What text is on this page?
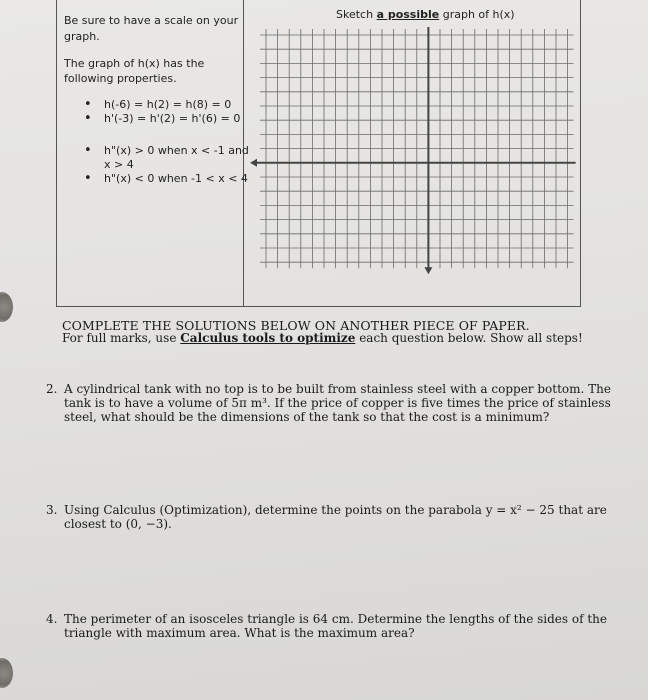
Be sure to have a scale on your graph.
The graph of h(x) has the following properties.
• h(-6) = h(2) = h(8) = 0
• h'(-3) = h'(2) = h'(6) = 0
• h"(x) > 0 when x < -1 and x > 4
• h"(x) < 0 when -1 < x < 4
Sketch a possible graph of h(x)
COMPLETE THE SOLUTIONS BELOW ON ANOTHER PIECE OF PAPER.
For full marks, use Calculus tools to optimize each question below. Show all steps!
2. A cylindrical tank with no top is to be built from stainless steel with a copper bottom. The tank is to have a volume of 5π m³. If the price of copper is five times the price of stainless steel, what should be the dimensions of the tank so that the cost is a minimum?
3. Using Calculus (Optimization), determine the points on the parabola y = x² − 25 that are closest to (0, −3).
4. The perimeter of an isosceles triangle is 64 cm. Determine the lengths of the sides of the triangle with maximum area. What is the maximum area?
